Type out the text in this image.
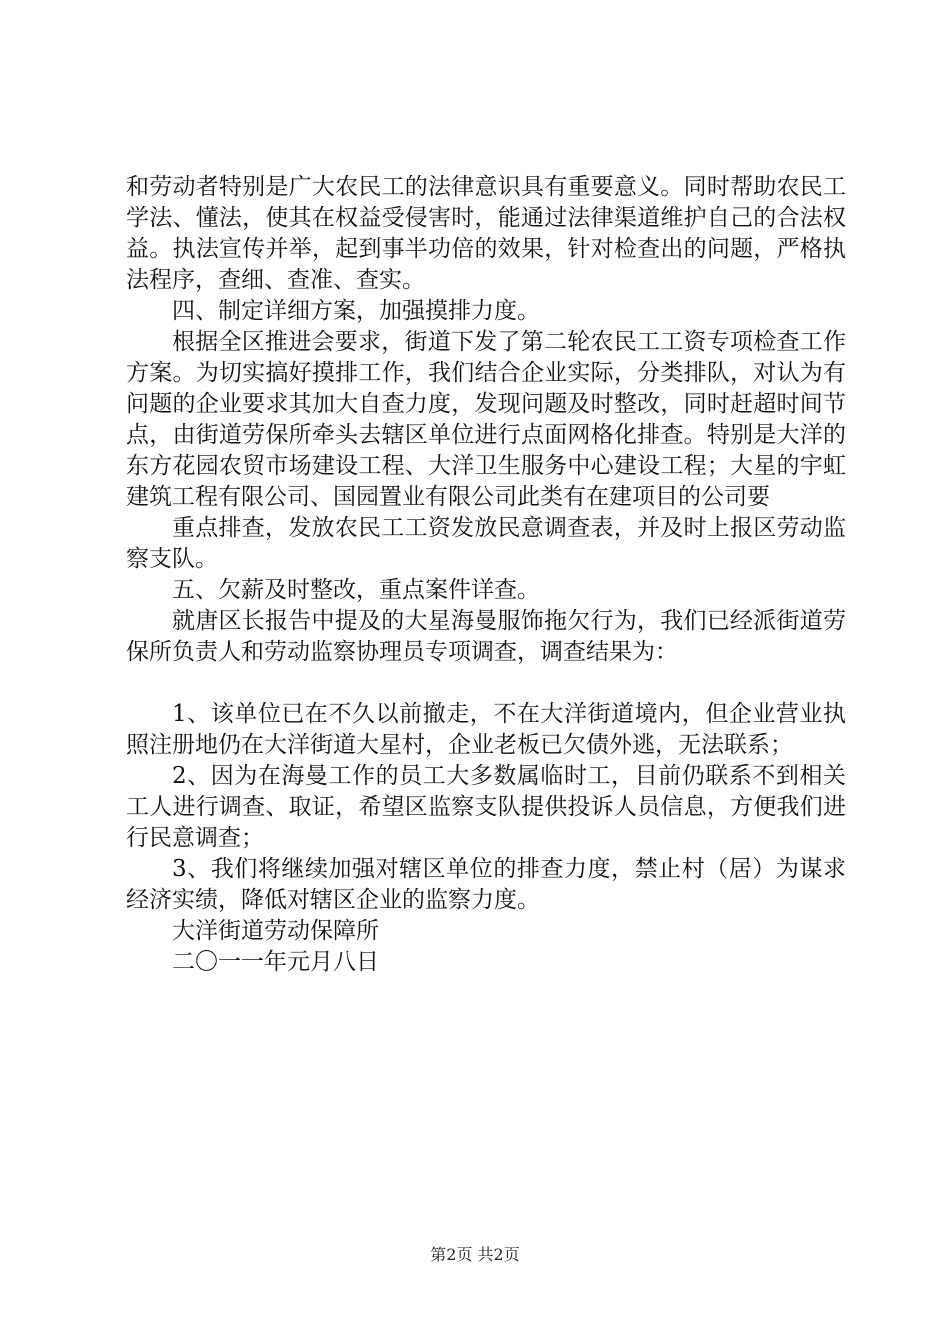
和劳动者特别是广大农民工的法律意识具有重要意义。同时帮助农民工学法、懂法，使其在权益受侵害时，能通过法律渠道维护自己的合法权益。执法宣传并举，起到事半功倍的效果，针对检查出的问题，严格执法程序，查细、查准、查实。

四、制定详细方案，加强摸排力度。

根据全区推进会要求，街道下发了第二轮农民工工资专项检查工作方案。为切实搞好摸排工作，我们结合企业实际，分类排队，对认为有问题的企业要求其加大自查力度，发现问题及时整改，同时赶超时间节点，由街道劳保所牵头去辖区单位进行点面网格化排查。特别是大洋的东方花园农贸市场建设工程、大洋卫生服务中心建设工程；大星的宇虹建筑工程有限公司、国园置业有限公司此类有在建项目的公司要

重点排查，发放农民工工资发放民意调查表，并及时上报区劳动监察支队。

五、欠薪及时整改，重点案件详查。

就唐区长报告中提及的大星海曼服饰拖欠行为，我们已经派街道劳保所负责人和劳动监察协理员专项调查，调查结果为：

1、该单位已在不久以前撤走，不在大洋街道境内，但企业营业执照注册地仍在大洋街道大星村，企业老板已欠债外逃，无法联系；

2、因为在海曼工作的员工大多数属临时工，目前仍联系不到相关工人进行调查、取证，希望区监察支队提供投诉人员信息，方便我们进行民意调查；

3、我们将继续加强对辖区单位的排查力度，禁止村（居）为谋求经济实绩，降低对辖区企业的监察力度。

大洋街道劳动保障所

二〇一一年元月八日

第2页 共2页
